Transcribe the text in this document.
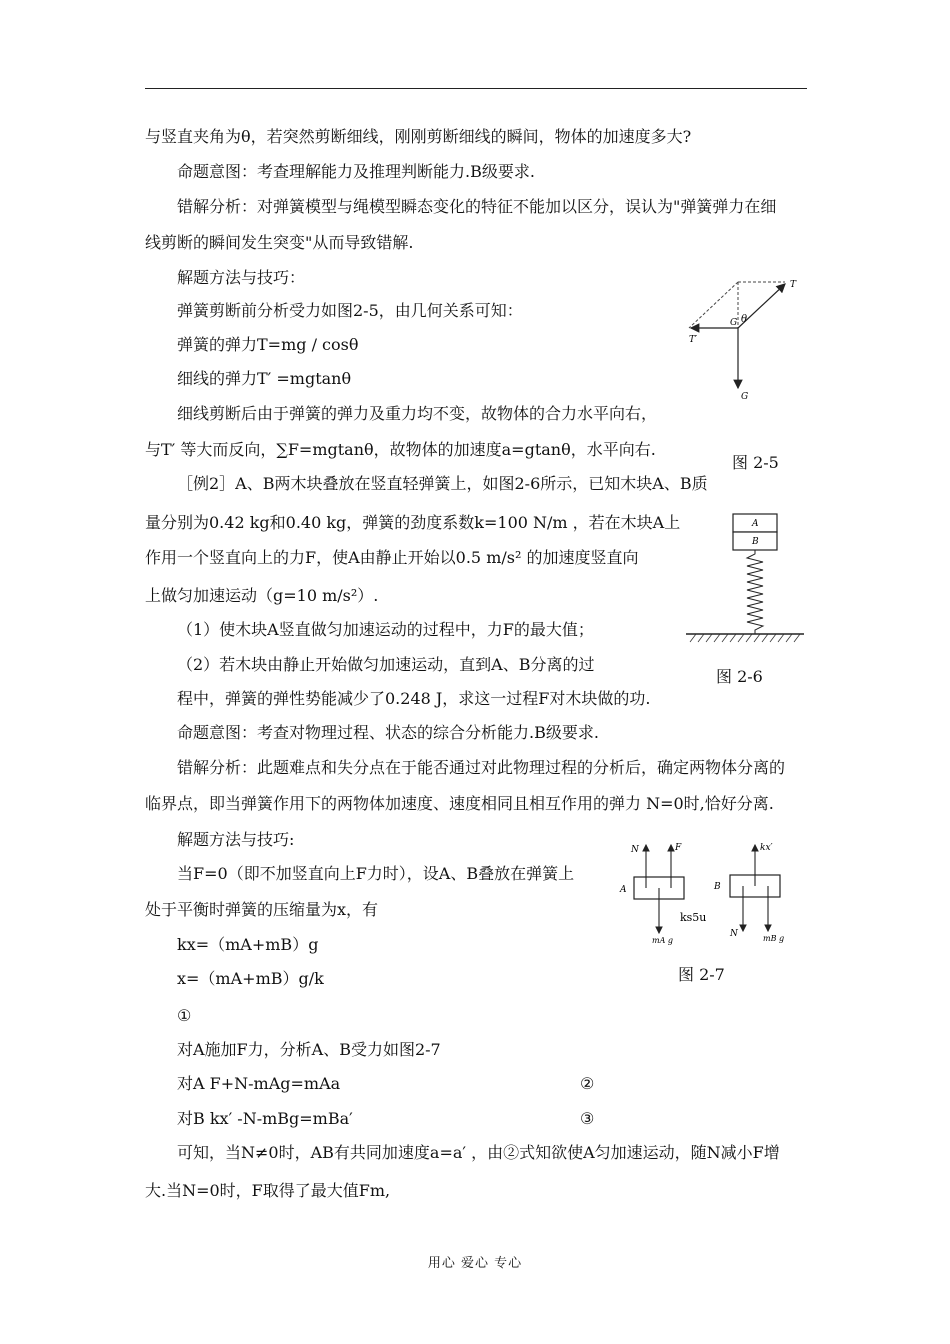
与竖直夹角为θ，若突然剪断细线，刚刚剪断细线的瞬间，物体的加速度多大?
命题意图：考查理解能力及推理判断能力.B级要求.
错解分析：对弹簧模型与绳模型瞬态变化的特征不能加以区分，误认为"弹簧弹力在细
线剪断的瞬间发生突变"从而导致错解.
解题方法与技巧：
弹簧剪断前分析受力如图2-5，由几何关系可知：
弹簧的弹力T=mg / cosθ
细线的弹力T′ =mgtanθ
细线剪断后由于弹簧的弹力及重力均不变，故物体的合力水平向右，
与T′ 等大而反向，∑F=mgtanθ，故物体的加速度a=gtanθ，水平向右.
［例2］A、B两木块叠放在竖直轻弹簧上，如图2-6所示，已知木块A、B质
量分别为0.42 kg和0.40 kg，弹簧的劲度系数k=100 N/m ，若在木块A上
作用一个竖直向上的力F，使A由静止开始以0.5 m/s² 的加速度竖直向
上做匀加速运动（g=10 m/s²）.
（1）使木块A竖直做匀加速运动的过程中，力F的最大值；
（2）若木块由静止开始做匀加速运动，直到A、B分离的过
程中，弹簧的弹性势能减少了0.248 J，求这一过程F对木块做的功.
命题意图：考查对物理过程、状态的综合分析能力.B级要求.
错解分析：此题难点和失分点在于能否通过对此物理过程的分析后，确定两物体分离的
临界点，即当弹簧作用下的两物体加速度、速度相同且相互作用的弹力 N=0时,恰好分离.
解题方法与技巧:
当F=0（即不加竖直向上F力时），设A、B叠放在弹簧上
处于平衡时弹簧的压缩量为x，有
kx=（mA+mB）g
x=（mA+mB）g/k
①
对A施加F力，分析A、B受力如图2-7
对A F+N-mAg=mAa	②
对B kx′ -N-mBg=mBa′	③
可知，当N≠0时，AB有共同加速度a=a′ ，由②式知欲使A匀加速运动，随N减小F增
大.当N=0时，F取得了最大值Fm,
T
T′
G θ
G
图 2-5
A
B
图 2-6
N	F
A
mA g
ks5u
B
kx′
N	mB g
图 2-7
用心 爱心 专心
